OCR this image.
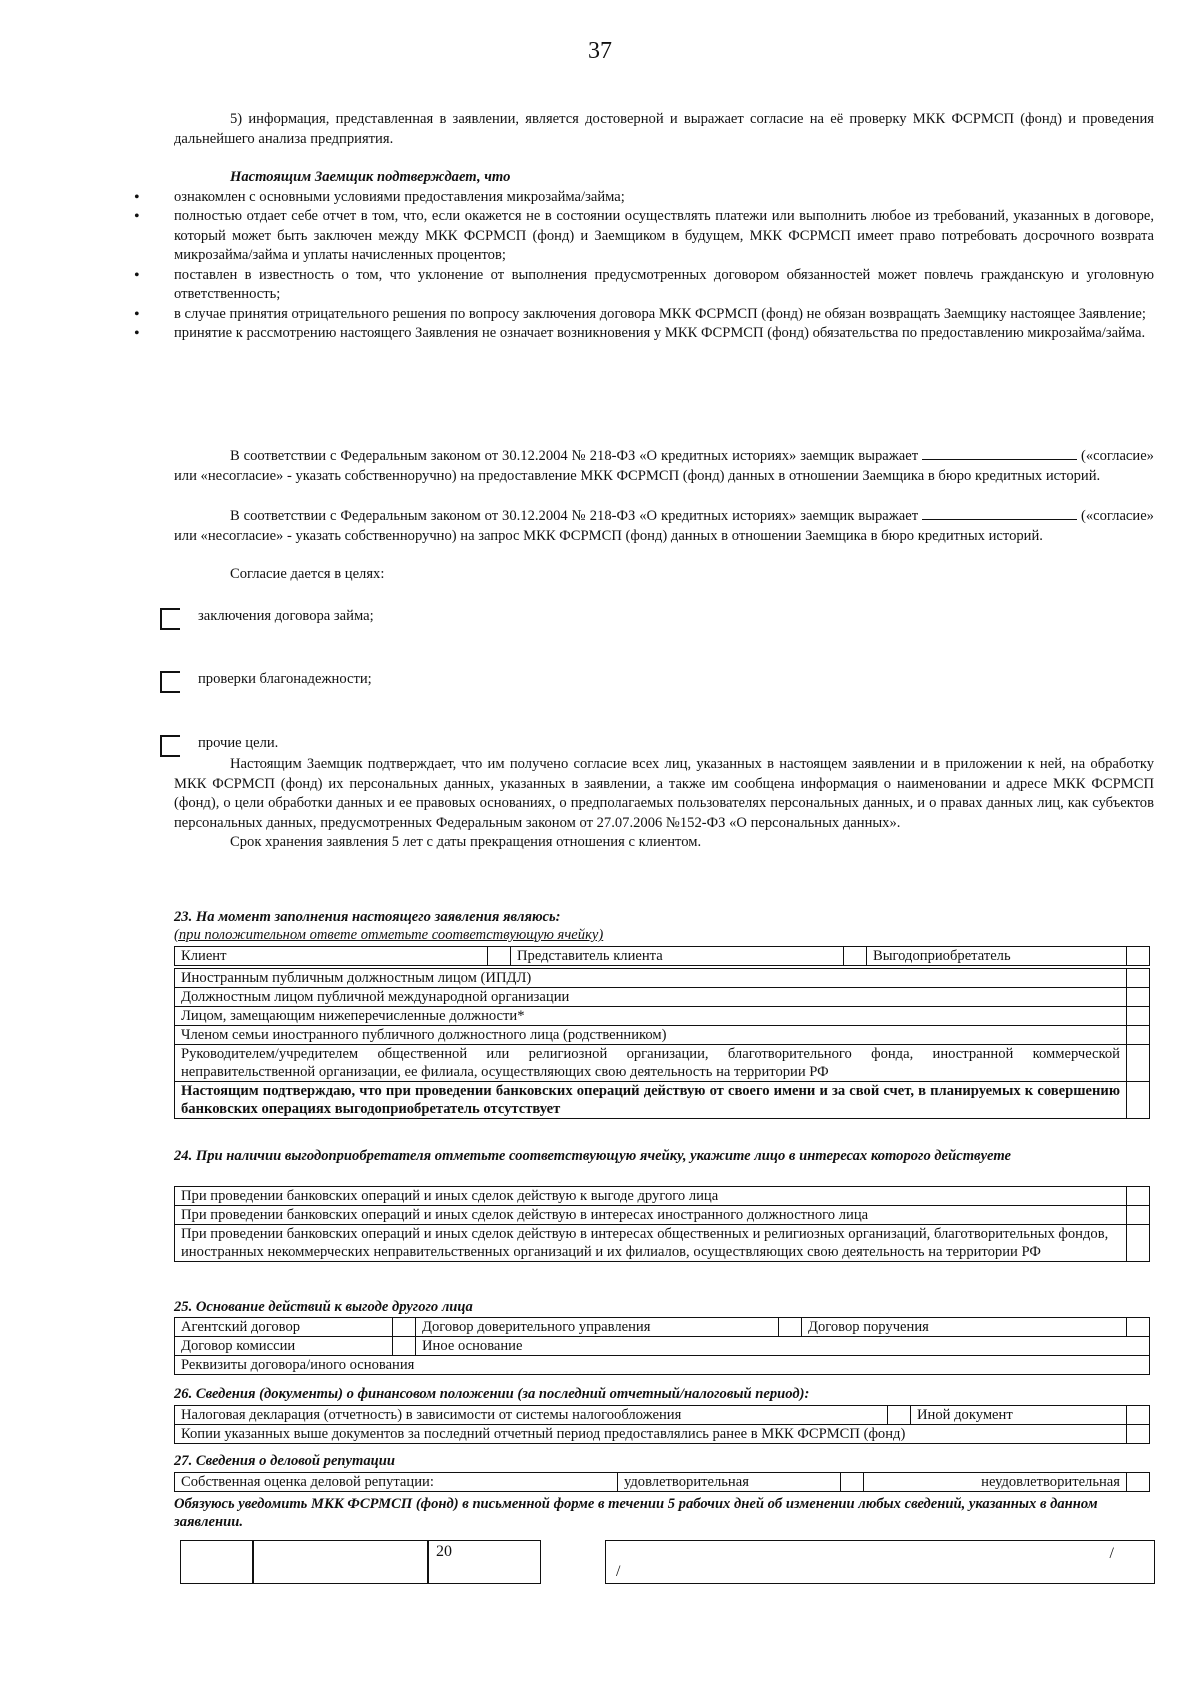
37
5) информация, представленная в заявлении, является достоверной и выражает согласие на её проверку МКК ФСРМСП (фонд) и проведения дальнейшего анализа предприятия.
Настоящим Заемщик подтверждает, что
• ознакомлен с основными условиями предоставления микрозайма/займа;
• полностью отдает себе отчет в том, что, если окажется не в состоянии осуществлять платежи или выполнить любое из требований, указанных в договоре, который может быть заключен между МКК ФСРМСП (фонд) и Заемщиком в будущем, МКК ФСРМСП имеет право потребовать досрочного возврата микрозайма/займа и уплаты начисленных процентов;
• поставлен в известность о том, что уклонение от выполнения предусмотренных договором обязанностей может повлечь гражданскую и уголовную ответственность;
• в случае принятия отрицательного решения по вопросу заключения договора МКК ФСРМСП (фонд) не обязан возвращать Заемщику настоящее Заявление;
• принятие к рассмотрению настоящего Заявления не означает возникновения у МКК ФСРМСП (фонд) обязательства по предоставлению микрозайма/займа.
В соответствии с Федеральным законом от 30.12.2004 № 218-ФЗ «О кредитных историях» заемщик выражает	(«согласие» или «несогласие» - указать собственноручно) на предоставление МКК ФСРМСП (фонд) данных в отношении Заемщика в бюро кредитных историй.
В соответствии с Федеральным законом от 30.12.2004 № 218-ФЗ «О кредитных историях» заемщик выражает	(«согласие» или «несогласие» - указать собственноручно) на запрос МКК ФСРМСП (фонд) данных в отношении Заемщика в бюро кредитных историй.
Согласие дается в целях:
заключения договора займа;
проверки благонадежности;
прочие цели.
Настоящим Заемщик подтверждает, что им получено согласие всех лиц, указанных в настоящем заявлении и в приложении к ней, на обработку МКК ФСРМСП (фонд) их персональных данных, указанных в заявлении, а также им сообщена информация о наименовании и адресе МКК ФСРМСП (фонд), о цели обработки данных и ее правовых основаниях, о предполагаемых пользователях персональных данных, и о правах данных лиц, как субъектов персональных данных, предусмотренных Федеральным законом от 27.07.2006 №152-ФЗ «О персональных данных».
Срок хранения заявления 5 лет с даты прекращения отношения с клиентом.
23. На момент заполнения настоящего заявления являюсь:
(при положительном ответе отметьте соответствующую ячейку)
Клиент		Представитель клиента		Выгодоприобретатель	
Иностранным публичным должностным лицом (ИПДЛ)	
Должностным лицом публичной международной организации	
Лицом, замещающим нижеперечисленные должности*	
Членом семьи иностранного публичного должностного лица (родственником)	
Руководителем/учредителем общественной или религиозной организации, благотворительного фонда, иностранной коммерческой неправительственной организации, ее филиала, осуществляющих свою деятельность на территории РФ	
Настоящим подтверждаю, что при проведении банковских операций действую от своего имени и за свой счет, в планируемых к совершению банковских операциях выгодоприобретатель отсутствует	
24. При наличии выгодоприобретателя отметьте соответствующую ячейку, укажите лицо в интересах которого действуете
При проведении банковских операций и иных сделок действую к выгоде другого лица	
При проведении банковских операций и иных сделок действую в интересах иностранного должностного лица	
При проведении банковских операций и иных сделок действую в интересах общественных и религиозных организаций, благотворительных фондов, иностранных некоммерческих неправительственных организаций и их филиалов, осуществляющих свою деятельность на территории РФ	
25. Основание действий к выгоде другого лица
Агентский договор		Договор доверительного управления		Договор поручения	
Договор комиссии		Иное основание			
Реквизиты договора/иного основания					
26. Сведения (документы) о финансовом положении (за последний отчетный/налоговый период):
Налоговая декларация (отчетность) в зависимости от системы налогообложения		Иной документ	
Копии указанных выше документов за последний отчетный период предоставлялись ранее в МКК ФСРМСП (фонд)			
27. Сведения о деловой репутации
Собственная оценка деловой репутации:	удовлетворительная		неудовлетворительная	
Обязуюсь уведомить МКК ФСРМСП (фонд) в письменной форме в течении 5 рабочих дней об изменении любых сведений, указанных в данном заявлении.
20	/
/
